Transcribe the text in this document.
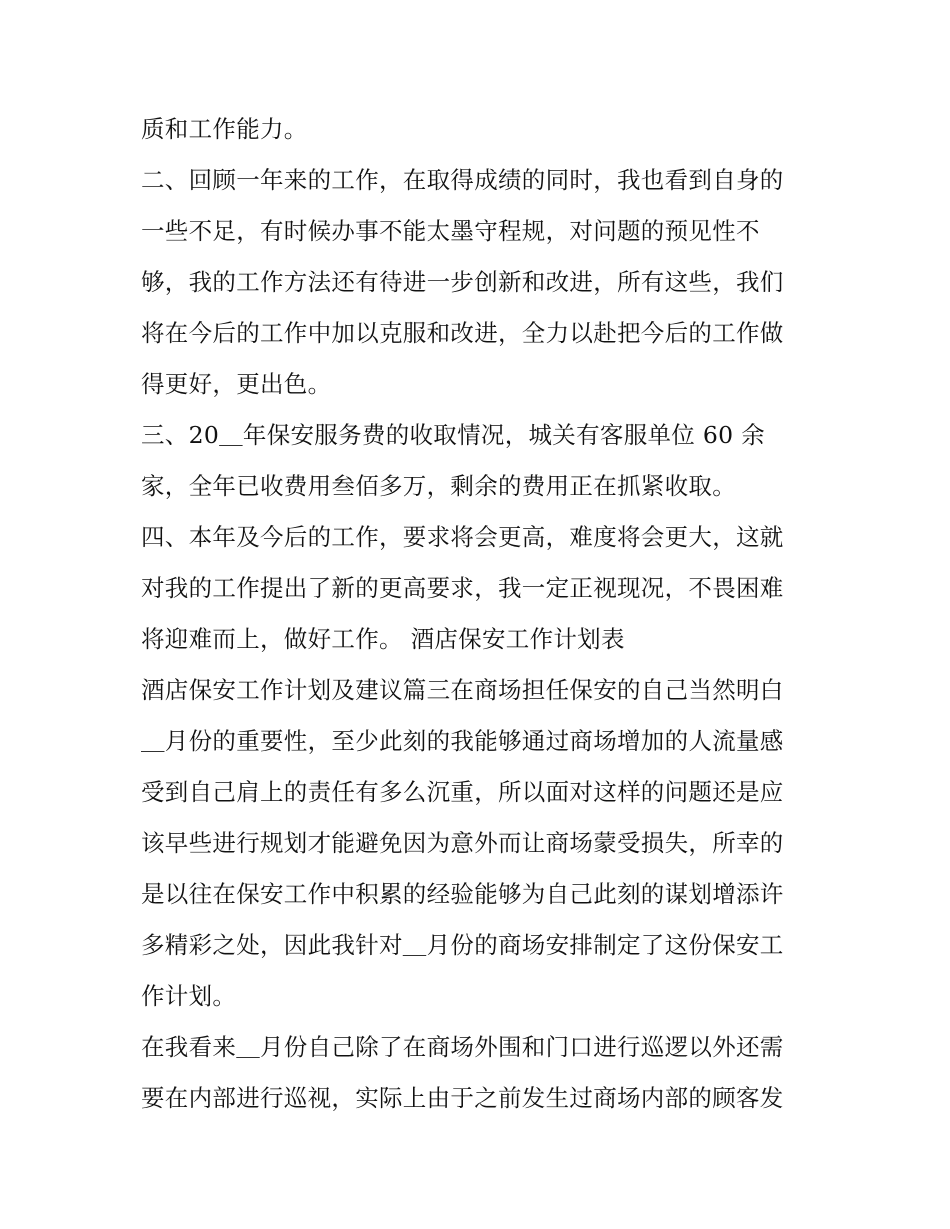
质和工作能力。
二、回顾一年来的工作，在取得成绩的同时，我也看到自身的
一些不足，有时候办事不能太墨守程规，对问题的预见性不
够，我的工作方法还有待进一步创新和改进，所有这些，我们
将在今后的工作中加以克服和改进，全力以赴把今后的工作做
得更好，更出色。
三、20＿年保安服务费的收取情况，城关有客服单位 60 余
家，全年已收费用叁佰多万，剩余的费用正在抓紧收取。
四、本年及今后的工作，要求将会更高，难度将会更大，这就
对我的工作提出了新的更高要求，我一定正视现况，不畏困难
将迎难而上，做好工作。 酒店保安工作计划表
酒店保安工作计划及建议篇三在商场担任保安的自己当然明白
＿月份的重要性，至少此刻的我能够通过商场增加的人流量感
受到自己肩上的责任有多么沉重，所以面对这样的问题还是应
该早些进行规划才能避免因为意外而让商场蒙受损失，所幸的
是以往在保安工作中积累的经验能够为自己此刻的谋划增添许
多精彩之处，因此我针对＿月份的商场安排制定了这份保安工
作计划。
在我看来＿月份自己除了在商场外围和门口进行巡逻以外还需
要在内部进行巡视，实际上由于之前发生过商场内部的顾客发
